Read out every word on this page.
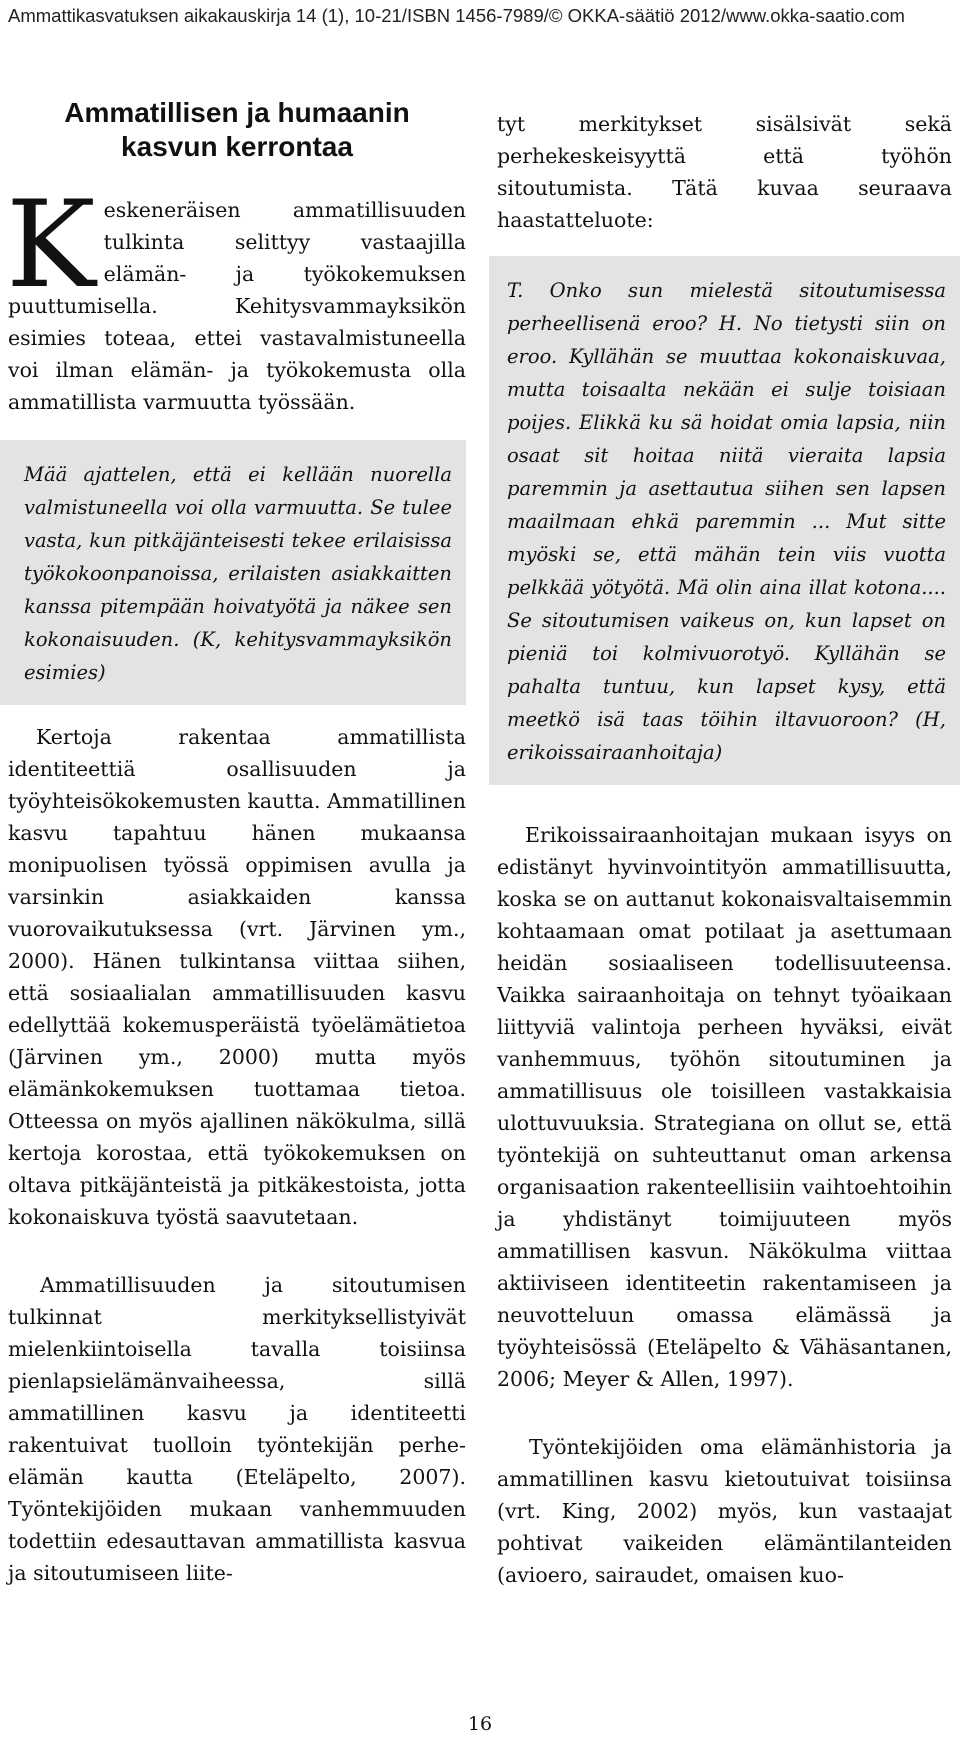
Ammattikasvatuksen aikakauskirja 14 (1), 10-21/ISBN 1456-7989/© OKKA-säätiö 2012/www.okka-saatio.com
Ammatillisen ja humaanin kasvun kerrontaa

Keskeneräisen ammatillisuuden tulkinta selittyy vastaajilla elämän- ja työkokemuksen puuttumisella. Kehitysvammayksikön esimies toteaa, ettei vastavalmistuneella voi ilman elämän- ja työkokemusta olla ammatillista varmuutta työssään.

Mää ajattelen, että ei kellään nuorella valmistuneella voi olla varmuutta. Se tulee vasta, kun pitkäjänteisesti tekee erilaisissa työkokoonpanoissa, erilaisten asiakkaitten kanssa pitempään hoivatyötä ja näkee sen kokonaisuuden. (K, kehitysvammayksikön esimies)

Kertoja rakentaa ammatillista identiteettiä osallisuuden ja työyhteisökokemusten kautta. Ammatillinen kasvu tapahtuu hänen mukaansa monipuolisen työssä oppimisen avulla ja varsinkin asiakkaiden kanssa vuorovaikutuksessa (vrt. Järvinen ym., 2000). Hänen tulkintansa viittaa siihen, että sosiaalialan ammatillisuuden kasvu edellyttää kokemusperäistä työelämätietoa (Järvinen ym., 2000) mutta myös elämänkokemuksen tuottamaa tietoa. Otteessa on myös ajallinen näkökulma, sillä kertoja korostaa, että työkokemuksen on oltava pitkäjänteistä ja pitkäkestoista, jotta kokonaiskuva työstä saavutetaan.

Ammatillisuuden ja sitoutumisen tulkinnat merkityksellistyivät mielenkiintoisella tavalla toisiinsa pienlapsielämänvaiheessa, sillä ammatillinen kasvu ja identiteetti rakentuivat tuolloin työntekijän perhe-elämän kautta (Eteläpelto, 2007). Työntekijöiden mukaan vanhemmuuden todettiin edesauttavan ammatillista kasvua ja sitoutumiseen liite-

tyt merkitykset sisälsivät sekä perhekeskeisyyttä että työhön sitoutumista. Tätä kuvaa seuraava haastatteluote:

T. Onko sun mielestä sitoutumisessa perheellisenä eroo? H. No tietysti siin on eroo. Kyllähän se muuttaa kokonaiskuvaa, mutta toisaalta nekään ei sulje toisiaan poijes. Elikkä ku sä hoidat omia lapsia, niin osaat sit hoitaa niitä vieraita lapsia paremmin ja asettautua siihen sen lapsen maailmaan ehkä paremmin ... Mut sitte myöski se, että mähän tein viis vuotta pelkkää yötyötä. Mä olin aina illat kotona.... Se sitoutumisen vaikeus on, kun lapset on pieniä toi kolmivuorotyö. Kyllähän se pahalta tuntuu, kun lapset kysy, että meetkö isä taas töihin iltavuoroon? (H, erikoissairaanhoitaja)

Erikoissairaanhoitajan mukaan isyys on edistänyt hyvinvointityön ammatillisuutta, koska se on auttanut kokonaisvaltaisemmin kohtaamaan omat potilaat ja asettumaan heidän sosiaaliseen todellisuuteensa. Vaikka sairaanhoitaja on tehnyt työaikaan liittyviä valintoja perheen hyväksi, eivät vanhemmuus, työhön sitoutuminen ja ammatillisuus ole toisilleen vastakkaisia ulottuvuuksia. Strategiana on ollut se, että työntekijä on suhteuttanut oman arkensa organisaation rakenteellisiin vaihtoehtoihin ja yhdistänyt toimijuuteen myös ammatillisen kasvun. Näkökulma viittaa aktiiviseen identiteetin rakentamiseen ja neuvotteluun omassa elämässä ja työyhteisössä (Eteläpelto & Vähäsantanen, 2006; Meyer & Allen, 1997).

Työntekijöiden oma elämänhistoria ja ammatillinen kasvu kietoutuivat toisiinsa (vrt. King, 2002) myös, kun vastaajat pohtivat vaikeiden elämäntilanteiden (avioero, sairaudet, omaisen kuo-

16
